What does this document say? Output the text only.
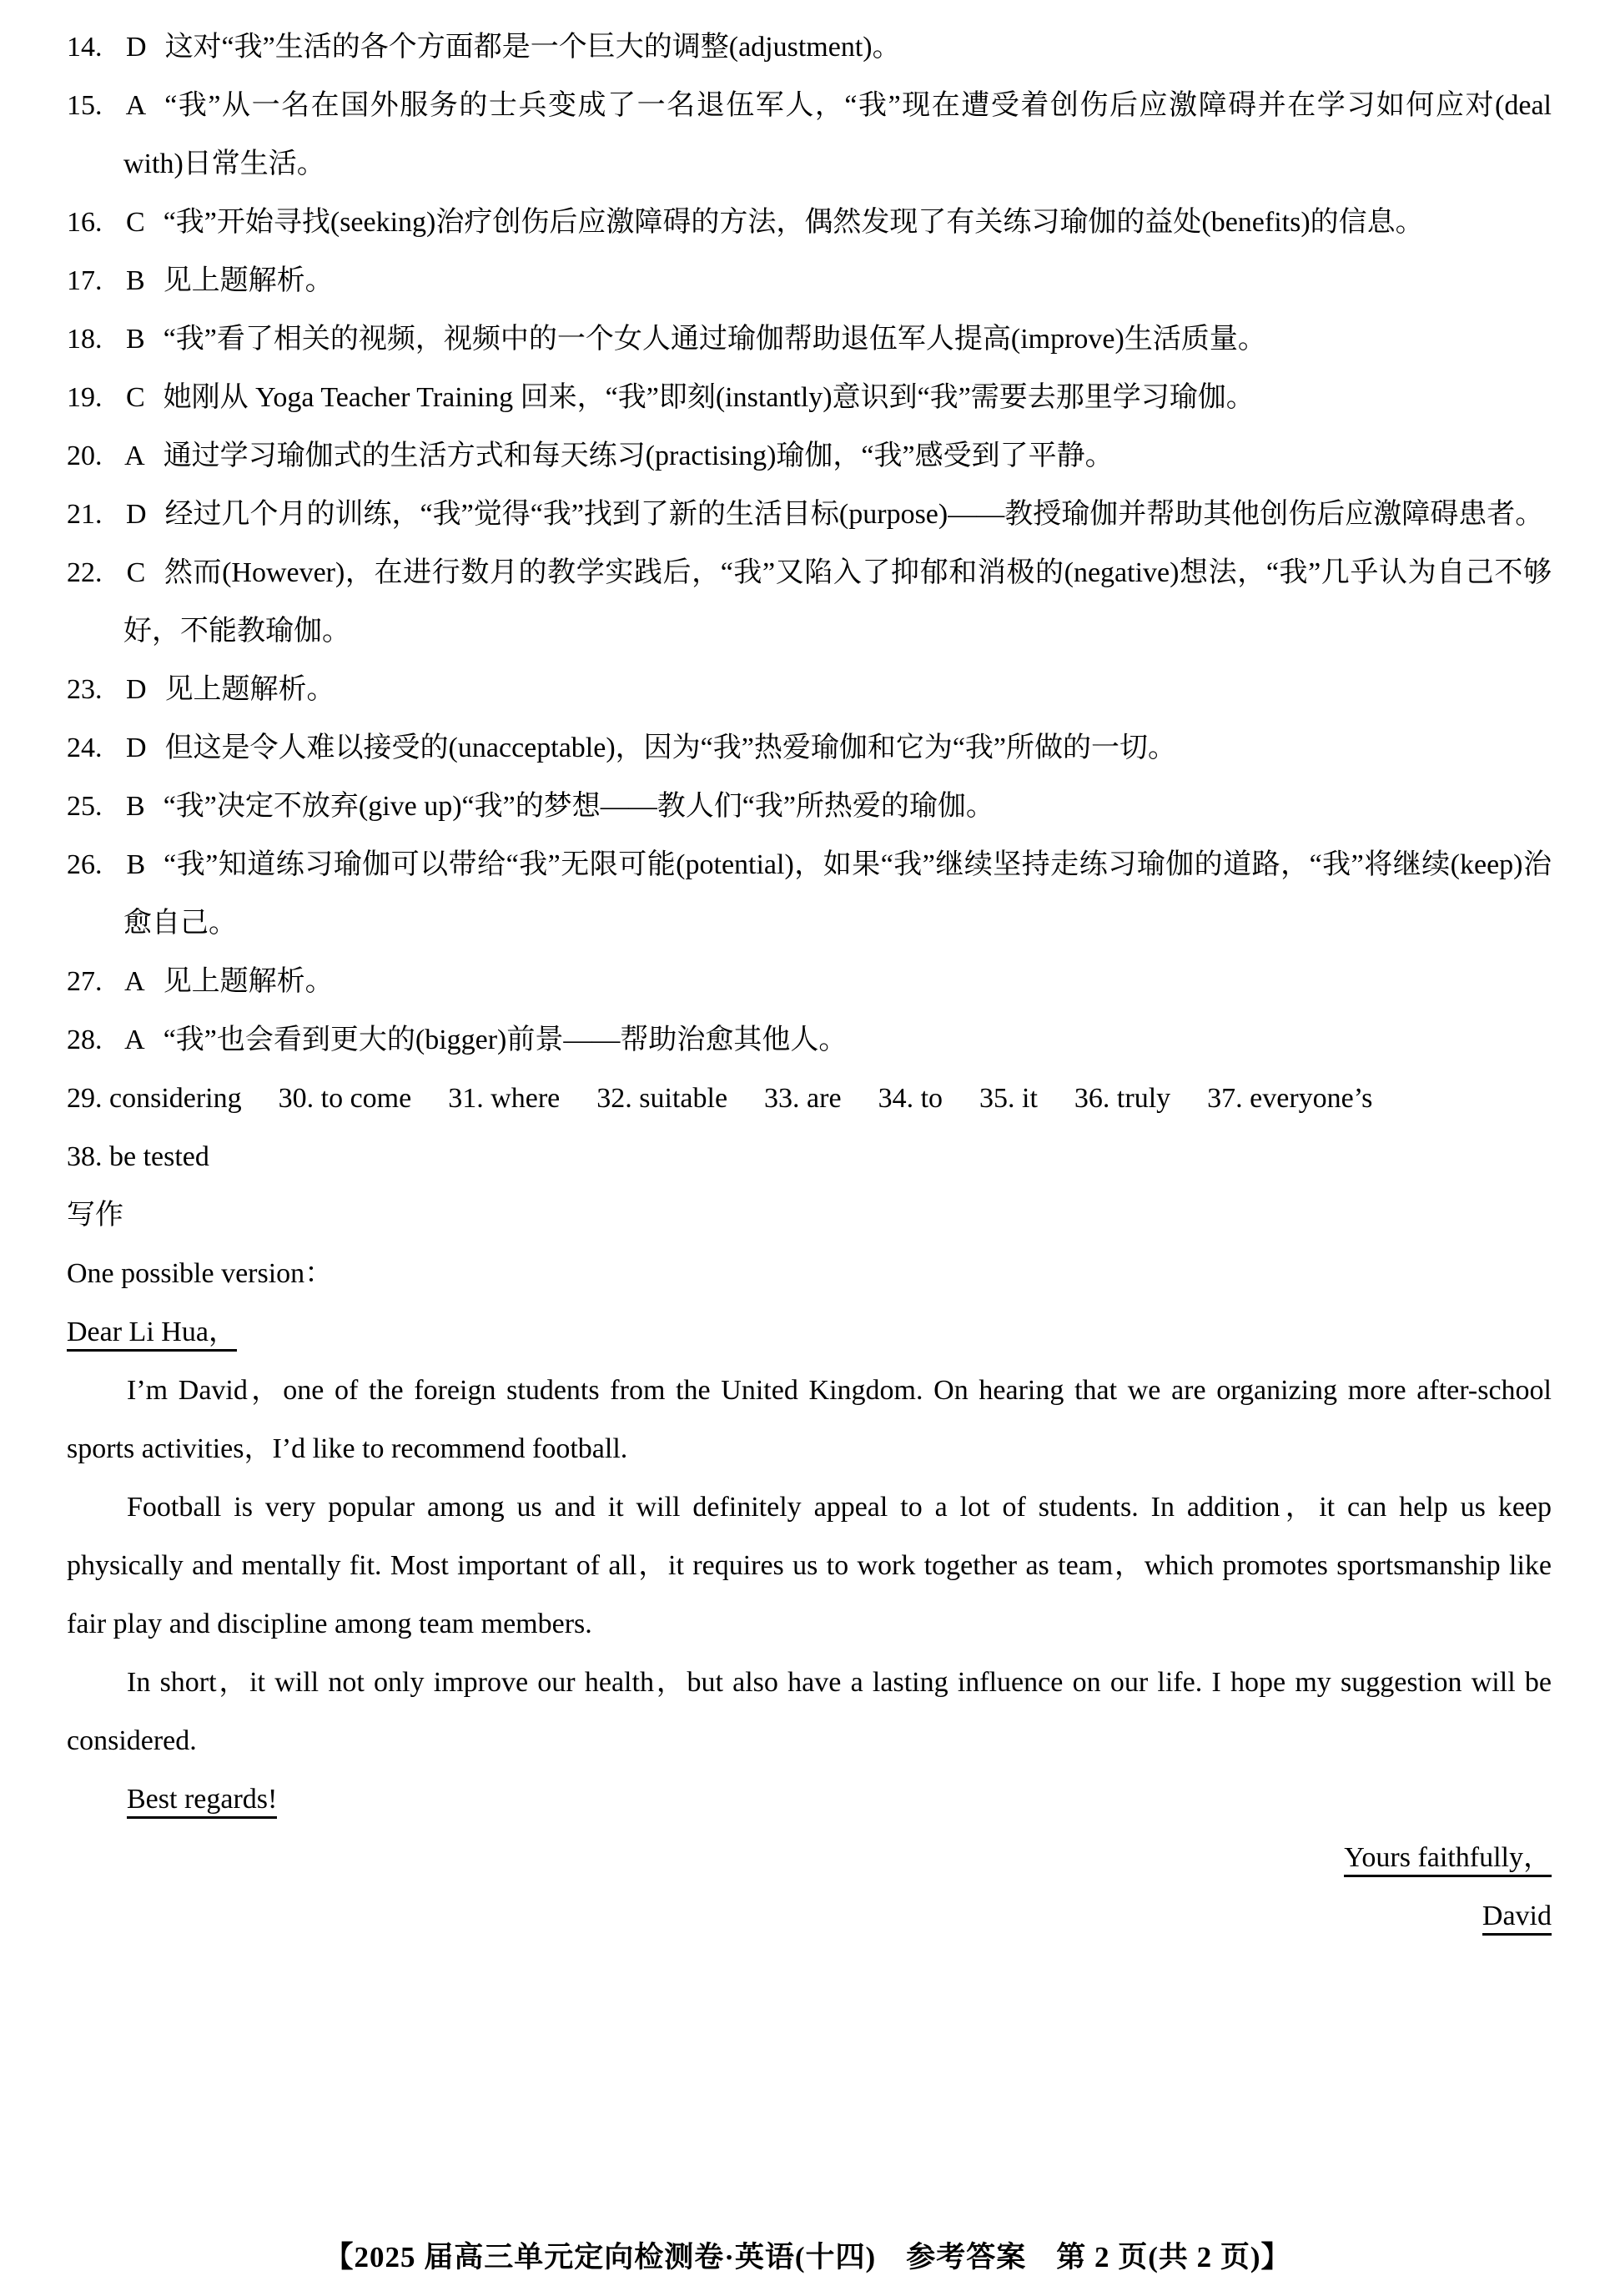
14. D 这对“我”生活的各个方面都是一个巨大的调整(adjustment)。
15. A “我”从一名在国外服务的士兵变成了一名退伍军人，“我”现在遭受着创伤后应激障碍并在学习如何应对(deal with)日常生活。
16. C “我”开始寻找(seeking)治疗创伤后应激障碍的方法，偶然发现了有关练习瑜伽的益处(benefits)的信息。
17. B 见上题解析。
18. B “我”看了相关的视频，视频中的一个女人通过瑜伽帮助退伍军人提高(improve)生活质量。
19. C 她刚从 Yoga Teacher Training 回来，“我”即刻(instantly)意识到“我”需要去那里学习瑜伽。
20. A 通过学习瑜伽式的生活方式和每天练习(practising)瑜伽，“我”感受到了平静。
21. D 经过几个月的训练，“我”觉得“我”找到了新的生活目标(purpose)——教授瑜伽并帮助其他创伤后应激障碍患者。
22. C 然而(However)，在进行数月的教学实践后，“我”又陷入了抑郁和消极的(negative)想法，“我”几乎认为自己不够好，不能教瑜伽。
23. D 见上题解析。
24. D 但这是令人难以接受的(unacceptable)，因为“我”热爱瑜伽和它为“我”所做的一切。
25. B “我”决定不放弃(give up)“我”的梦想——教人们“我”所热爱的瑜伽。
26. B “我”知道练习瑜伽可以带给“我”无限可能(potential)，如果“我”继续坚持走练习瑜伽的道路，“我”将继续(keep)治愈自己。
27. A 见上题解析。
28. A “我”也会看到更大的(bigger)前景——帮助治愈其他人。
29. considering 30. to come 31. where 32. suitable 33. are 34. to 35. it 36. truly 37. everyone’s
38. be tested
写作
One possible version：
Dear Li Hua，

I’m David，one of the foreign students from the United Kingdom. On hearing that we are organizing more after-school sports activities，I’d like to recommend football.

Football is very popular among us and it will definitely appeal to a lot of students. In addition，it can help us keep physically and mentally fit. Most important of all，it requires us to work together as team，which promotes sportsmanship like fair play and discipline among team members.

In short，it will not only improve our health，but also have a lasting influence on our life. I hope my suggestion will be considered.

Best regards!
Yours faithfully，
David
【2025 届高三单元定向检测卷·英语(十四)　参考答案　第 2 页(共 2 页)】
